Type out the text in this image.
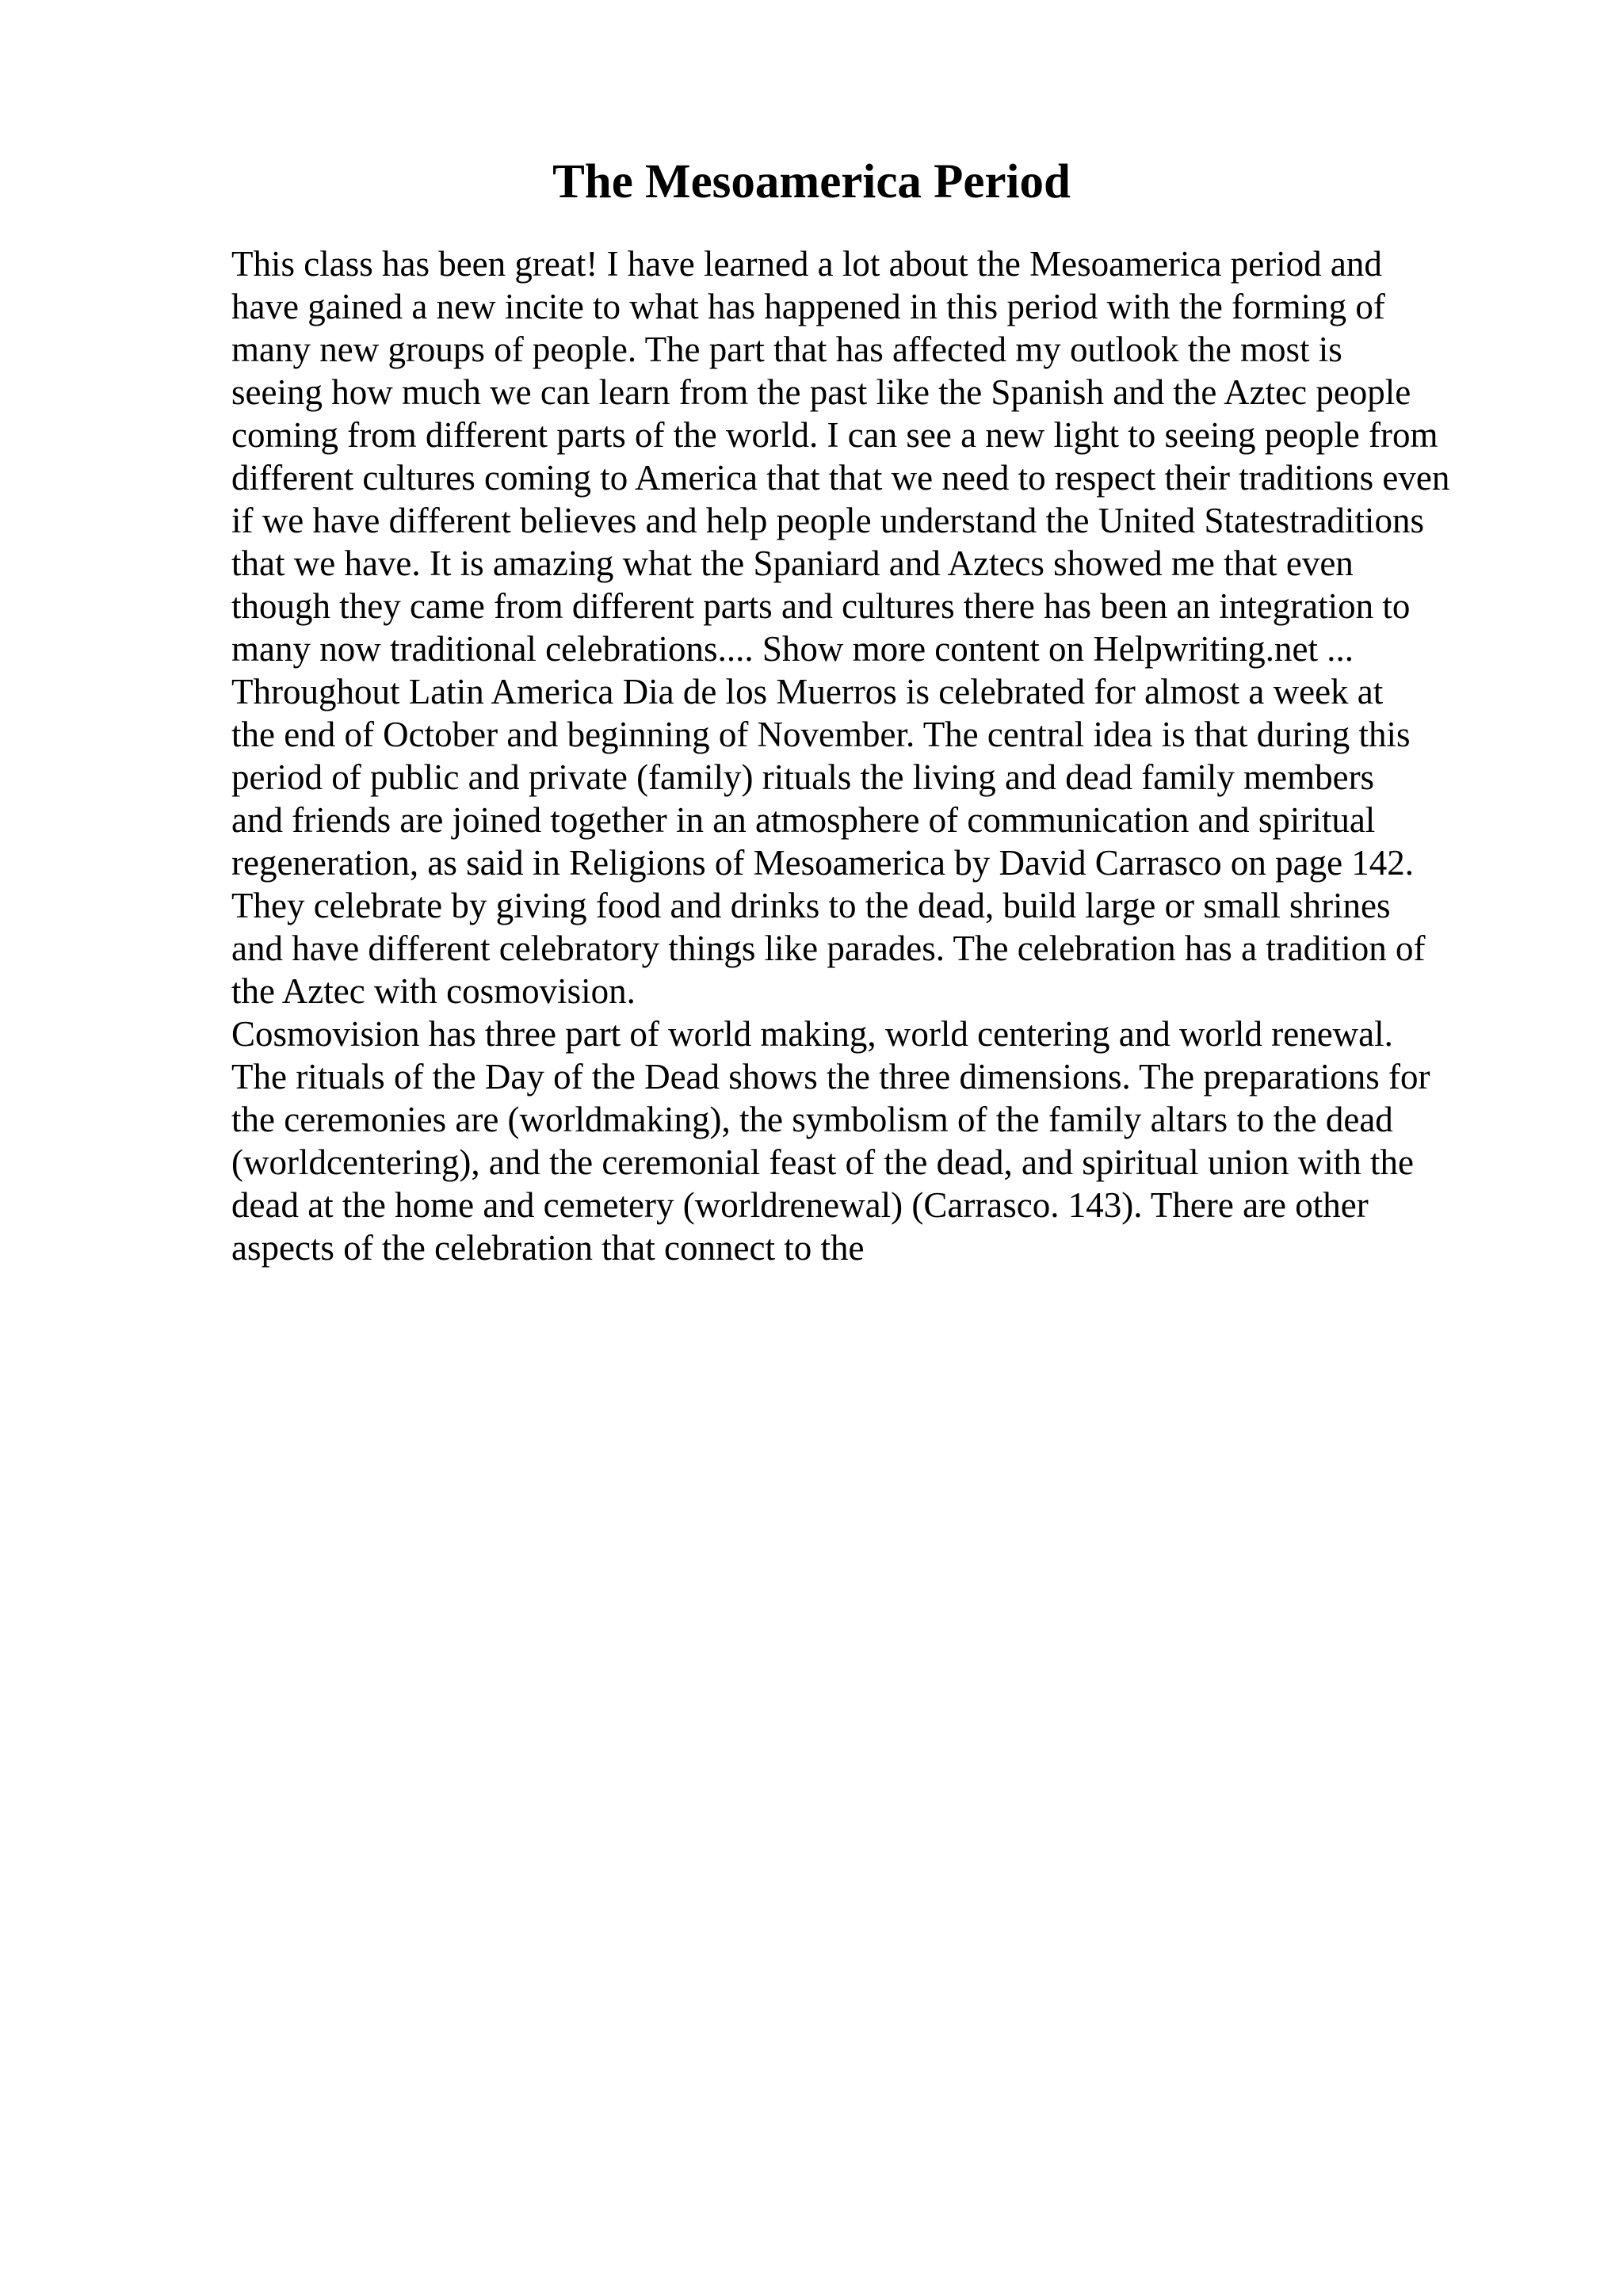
The Mesoamerica Period
This class has been great! I have learned a lot about the Mesoamerica period and
have gained a new incite to what has happened in this period with the forming of
many new groups of people. The part that has affected my outlook the most is
seeing how much we can learn from the past like the Spanish and the Aztec people
coming from different parts of the world. I can see a new light to seeing people from
different cultures coming to America that that we need to respect their traditions even
if we have different believes and help people understand the United Statestraditions
that we have. It is amazing what the Spaniard and Aztecs showed me that even
though they came from different parts and cultures there has been an integration to
many now traditional celebrations.... Show more content on Helpwriting.net ...
Throughout Latin America Dia de los Muerros is celebrated for almost a week at
the end of October and beginning of November. The central idea is that during this
period of public and private (family) rituals the living and dead family members
and friends are joined together in an atmosphere of communication and spiritual
regeneration, as said in Religions of Mesoamerica by David Carrasco on page 142.
They celebrate by giving food and drinks to the dead, build large or small shrines
and have different celebratory things like parades. The celebration has a tradition of
the Aztec with cosmovision.
Cosmovision has three part of world making, world centering and world renewal.
The rituals of the Day of the Dead shows the three dimensions. The preparations for
the ceremonies are (worldmaking), the symbolism of the family altars to the dead
(worldcentering), and the ceremonial feast of the dead, and spiritual union with the
dead at the home and cemetery (worldrenewal) (Carrasco. 143). There are other
aspects of the celebration that connect to the
